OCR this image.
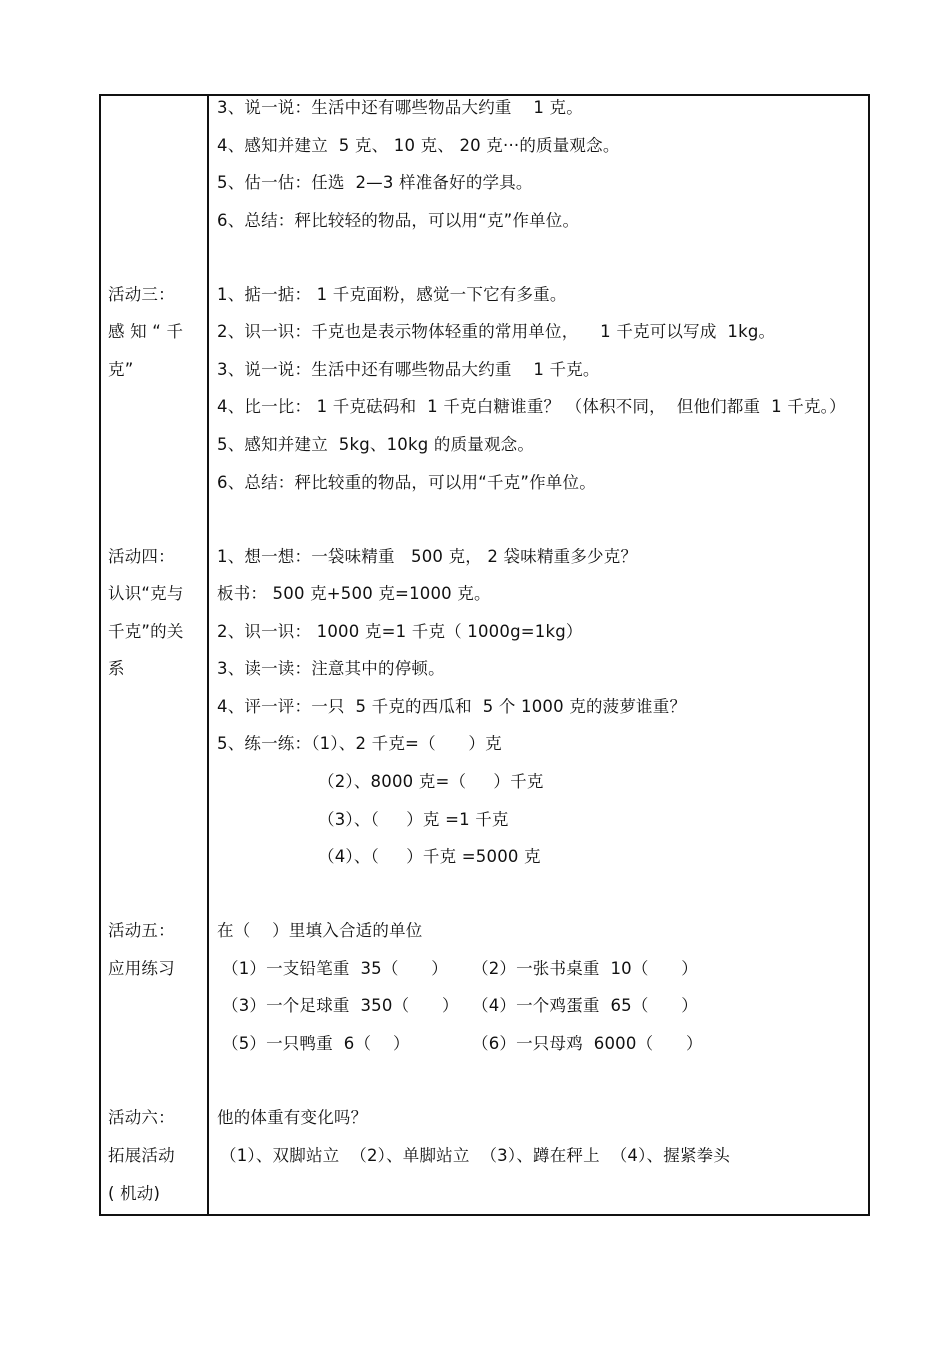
3、说一说：生活中还有哪些物品大约重    1 克。
4、感知并建立  5 克、 10 克、 20 克···的质量观念。
5、估一估：任选  2—3 样准备好的学具。
6、总结：秤比较轻的物品，可以用“克”作单位。
活动三：
感 知 “ 千
克”
1、掂一掂： 1 千克面粉，感觉一下它有多重。
2、识一识：千克也是表示物体轻重的常用单位，    1 千克可以写成  1kg。
3、说一说：生活中还有哪些物品大约重    1 千克。
4、比一比： 1 千克砝码和  1 千克白糖谁重？ （体积不同，  但他们都重  1 千克。）
5、感知并建立  5kg、10kg 的质量观念。
6、总结：秤比较重的物品，可以用“千克”作单位。
活动四：
认识“克与
千克”的关
系
1、想一想：一袋味精重   500 克， 2 袋味精重多少克？
板书： 500 克+500 克=1000 克。
2、识一识： 1000 克=1 千克（ 1000g=1kg）
3、读一读：注意其中的停顿。
4、评一评：一只  5 千克的西瓜和  5 个 1000 克的菠萝谁重？
5、练一练：（1）、2 千克=（      ）克
（2）、8000 克=（     ）千克
（3）、（     ）克 =1 千克
（4）、（     ）千克 =5000 克
活动五：
应用练习
在（    ）里填入合适的单位
（1）一支铅笔重  35（      ） （2）一张书桌重  10（      ）
（3）一个足球重  350（      ） （4）一个鸡蛋重  65（      ）
（5）一只鸭重  6（    ）	（6）一只母鸡  6000（      ）
活动六：
拓展活动
( 机动)
他的体重有变化吗？
（1）、双脚站立  （2）、单脚站立  （3）、蹲在秤上  （4）、握紧拳头
